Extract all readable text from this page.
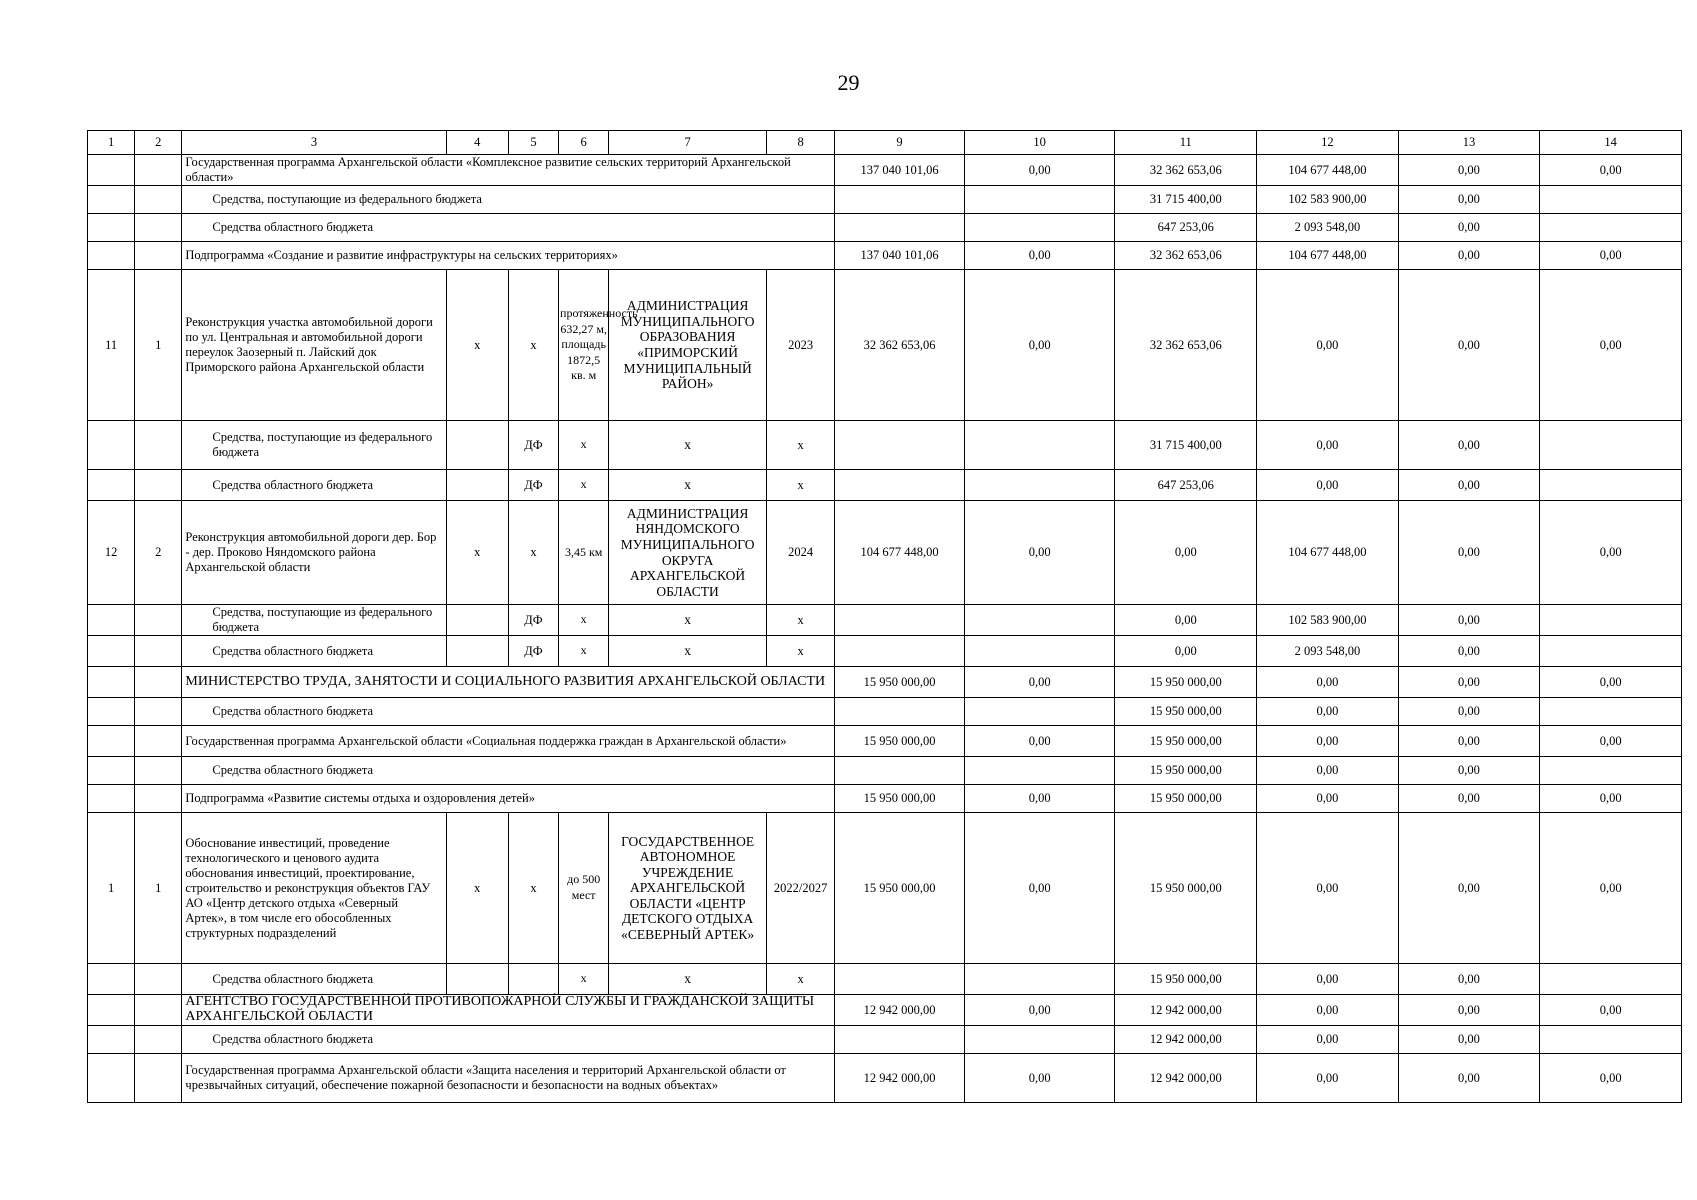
29
1	2	3	4	5	6	7	8	9	10	11	12	13	14
		Государственная программа Архангельской области «Комплексное развитие сельских территорий Архангельской области»						137 040 101,06	0,00	32 362 653,06	104 677 448,00	0,00	0,00
		Средства, поступающие из федерального бюджета								31 715 400,00	102 583 900,00	0,00	
		Средства областного бюджета								647 253,06	2 093 548,00	0,00	
		Подпрограмма «Создание и развитие инфраструктуры на сельских территориях»						137 040 101,06	0,00	32 362 653,06	104 677 448,00	0,00	0,00
11	1	Реконструкция участка автомобильной дороги по ул. Центральная и автомобильной дороги переулок Заозерный п. Лайский док Приморского района Архангельской области	х	х	протяженность 632,27 м, площадь 1872,5 кв. м	АДМИНИСТРАЦИЯ МУНИЦИПАЛЬНОГО ОБРАЗОВАНИЯ «ПРИМОРСКИЙ МУНИЦИПАЛЬНЫЙ РАЙОН»	2023	32 362 653,06	0,00	32 362 653,06	0,00	0,00	0,00
		Средства, поступающие из федерального бюджета		ДФ	х	х	х			31 715 400,00	0,00	0,00	
		Средства областного бюджета		ДФ	х	х	х			647 253,06	0,00	0,00	
12	2	Реконструкция автомобильной дороги дер. Бор - дер. Проково Няндомского района Архангельской области	х	х	3,45 км	АДМИНИСТРАЦИЯ НЯНДОМСКОГО МУНИЦИПАЛЬНОГО ОКРУГА АРХАНГЕЛЬСКОЙ ОБЛАСТИ	2024	104 677 448,00	0,00	0,00	104 677 448,00	0,00	0,00
		Средства, поступающие из федерального бюджета		ДФ	х	х	х			0,00	102 583 900,00	0,00	
		Средства областного бюджета		ДФ	х	х	х			0,00	2 093 548,00	0,00	
		МИНИСТЕРСТВО ТРУДА, ЗАНЯТОСТИ И СОЦИАЛЬНОГО РАЗВИТИЯ АРХАНГЕЛЬСКОЙ ОБЛАСТИ						15 950 000,00	0,00	15 950 000,00	0,00	0,00	0,00
		Средства областного бюджета								15 950 000,00	0,00	0,00	
		Государственная программа Архангельской области «Социальная поддержка граждан в Архангельской области»						15 950 000,00	0,00	15 950 000,00	0,00	0,00	0,00
		Средства областного бюджета								15 950 000,00	0,00	0,00	
		Подпрограмма «Развитие системы отдыха и оздоровления детей»						15 950 000,00	0,00	15 950 000,00	0,00	0,00	0,00
1	1	Обоснование инвестиций, проведение технологического и ценового аудита обоснования инвестиций, проектирование, строительство и реконструкция объектов ГАУ АО «Центр детского отдыха «Северный Артек», в том числе его обособленных структурных подразделений	х	х	до 500 мест	ГОСУДАРСТВЕННОЕ АВТОНОМНОЕ УЧРЕЖДЕНИЕ АРХАНГЕЛЬСКОЙ ОБЛАСТИ «ЦЕНТР ДЕТСКОГО ОТДЫХА «СЕВЕРНЫЙ АРТЕК»	2022/2027	15 950 000,00	0,00	15 950 000,00	0,00	0,00	0,00
		Средства областного бюджета			х	х	х			15 950 000,00	0,00	0,00	
		АГЕНТСТВО ГОСУДАРСТВЕННОЙ ПРОТИВОПОЖАРНОЙ СЛУЖБЫ И ГРАЖДАНСКОЙ ЗАЩИТЫ АРХАНГЕЛЬСКОЙ ОБЛАСТИ						12 942 000,00	0,00	12 942 000,00	0,00	0,00	0,00
		Средства областного бюджета								12 942 000,00	0,00	0,00	
		Государственная программа Архангельской области «Защита населения и территорий Архангельской области от чрезвычайных ситуаций, обеспечение пожарной безопасности и безопасности на водных объектах»						12 942 000,00	0,00	12 942 000,00	0,00	0,00	0,00
